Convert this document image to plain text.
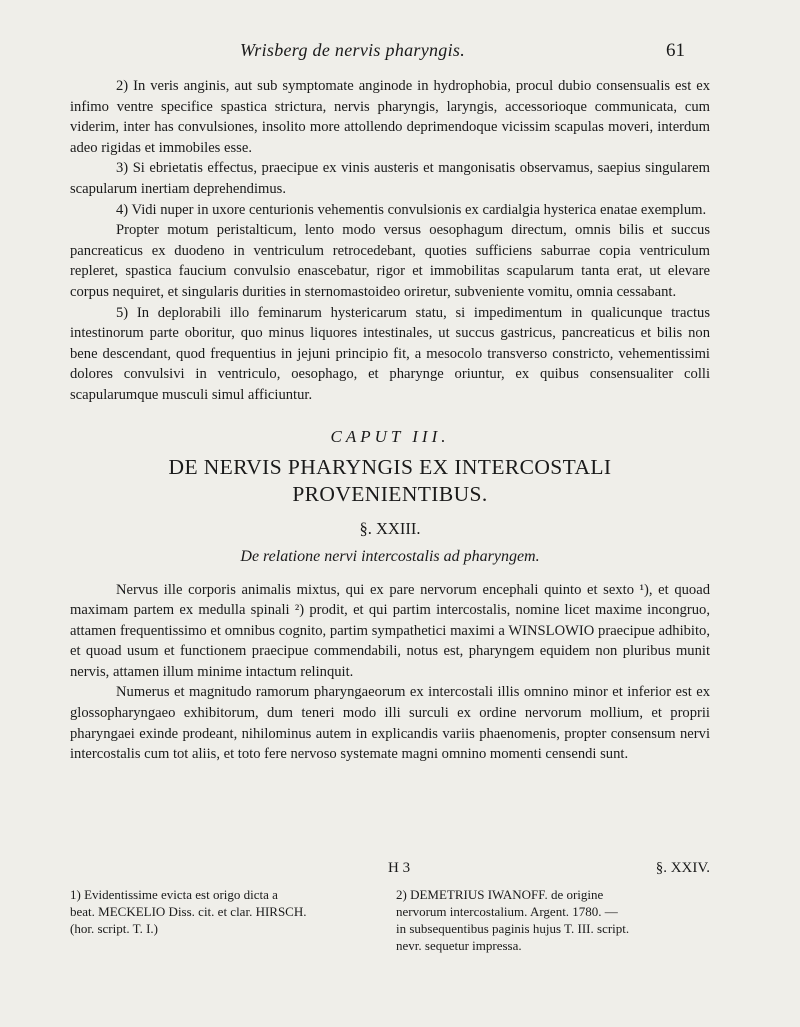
Wrisberg de nervis pharyngis.	61

2) In veris anginis, aut sub symptomate anginode in hydrophobia, procul dubio consensualis est ex infimo ventre specifice spastica strictura, nervis pharyngis, laryngis, accessorioque communicata, cum viderim, inter has convulsiones, insolito more attollendo deprimendoque vicissim scapulas moveri, interdum adeo rigidas et immobiles esse.

3) Si ebrietatis effectus, praecipue ex vinis austeris et mangonisatis observamus, saepius singularem scapularum inertiam deprehendimus.

4) Vidi nuper in uxore centurionis vehementis convulsionis ex cardialgia hysterica enatae exemplum.

Propter motum peristalticum, lento modo versus oesophagum directum, omnis bilis et succus pancreaticus ex duodeno in ventriculum retrocedebant, quoties sufficiens saburrae copia ventriculum repleret, spastica faucium convulsio enascebatur, rigor et immobilitas scapularum tanta erat, ut elevare corpus nequiret, et singularis durities in sternomastoideo oriretur, subveniente vomitu, omnia cessabant.

5) In deplorabili illo feminarum hystericarum statu, si impedimentum in qualicunque tractus intestinorum parte oboritur, quo minus liquores intestinales, ut succus gastricus, pancreaticus et bilis non bene descendant, quod frequentius in jejuni principio fit, a mesocolo transverso constricto, vehementissimi dolores convulsivi in ventriculo, oesophago, et pharynge oriuntur, ex quibus consensualiter colli scapularumque musculi simul afficiuntur.

CAPUT III.
DE NERVIS PHARYNGIS EX INTERCOSTALI
PROVENIENTIBUS.
§. XXIII.
De relatione nervi intercostalis ad pharyngem.

Nervus ille corporis animalis mixtus, qui ex pare nervorum encephali quinto et sexto ¹), et quoad maximam partem ex medulla spinali ²) prodit, et qui partim intercostalis, nomine licet maxime incongruo, attamen frequentissimo et omnibus cognito, partim sympathetici maximi a WINSLOWIO praecipue adhibito, et quoad usum et functionem praecipue commendabili, notus est, pharyngem equidem non pluribus munit nervis, attamen illum minime intactum relinquit.

Numerus et magnitudo ramorum pharyngaeorum ex intercostali illis omnino minor et inferior est ex glossopharyngaeo exhibitorum, dum teneri modo illi surculi ex ordine nervorum mollium, et proprii pharyngaei exinde prodeant, nihilominus autem in explicandis variis phaenomenis, propter consensum nervi intercostalis cum tot aliis, et toto fere nervoso systemate magni omnino momenti censendi sunt.

H 3	§. XXIV.

1) Evidentissime evicta est origo dicta a

beat. MECKELIO Diss. cit. et clar. HIRSCH.

(hor. script. T. I.)

2) DEMETRIUS IWANOFF. de origine

nervorum intercostalium. Argent. 1780. —

in subsequentibus paginis hujus T. III. script.

nevr. sequetur impressa.
